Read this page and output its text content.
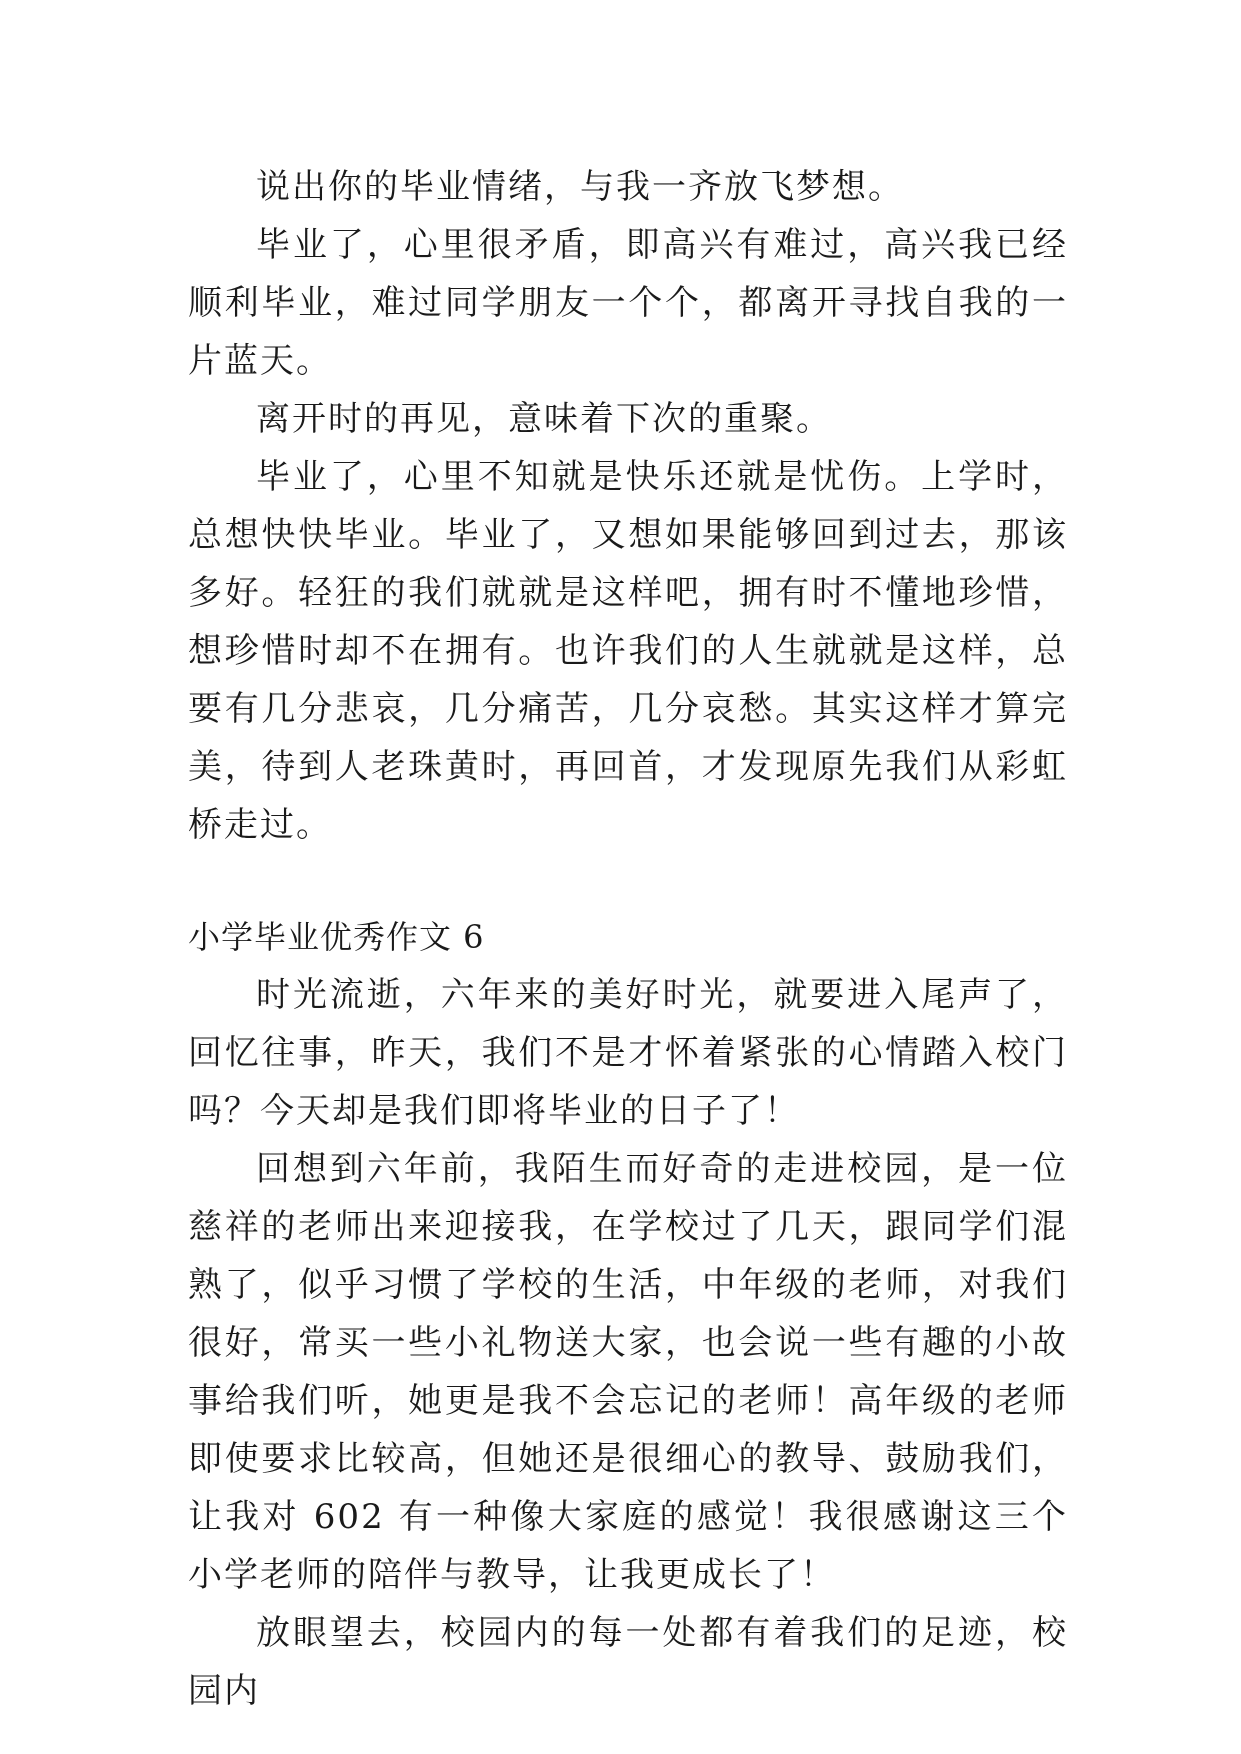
说出你的毕业情绪，与我一齐放飞梦想。

毕业了，心里很矛盾，即高兴有难过，高兴我已经顺利毕业，难过同学朋友一个个，都离开寻找自我的一片蓝天。

离开时的再见，意味着下次的重聚。

毕业了，心里不知就是快乐还就是忧伤。上学时，总想快快毕业。毕业了，又想如果能够回到过去，那该多好。轻狂的我们就就是这样吧，拥有时不懂地珍惜，想珍惜时却不在拥有。也许我们的人生就就是这样，总要有几分悲哀，几分痛苦，几分哀愁。其实这样才算完美，待到人老珠黄时，再回首，才发现原先我们从彩虹桥走过。

小学毕业优秀作文 6

时光流逝，六年来的美好时光，就要进入尾声了，回忆往事，昨天，我们不是才怀着紧张的心情踏入校门吗？今天却是我们即将毕业的日子了！

回想到六年前，我陌生而好奇的走进校园，是一位慈祥的老师出来迎接我，在学校过了几天，跟同学们混熟了，似乎习惯了学校的生活，中年级的老师，对我们很好，常买一些小礼物送大家，也会说一些有趣的小故事给我们听，她更是我不会忘记的老师！高年级的老师即使要求比较高，但她还是很细心的教导、鼓励我们，让我对 602 有一种像大家庭的感觉！我很感谢这三个小学老师的陪伴与教导，让我更成长了！

放眼望去，校园内的每一处都有着我们的足迹，校园内
